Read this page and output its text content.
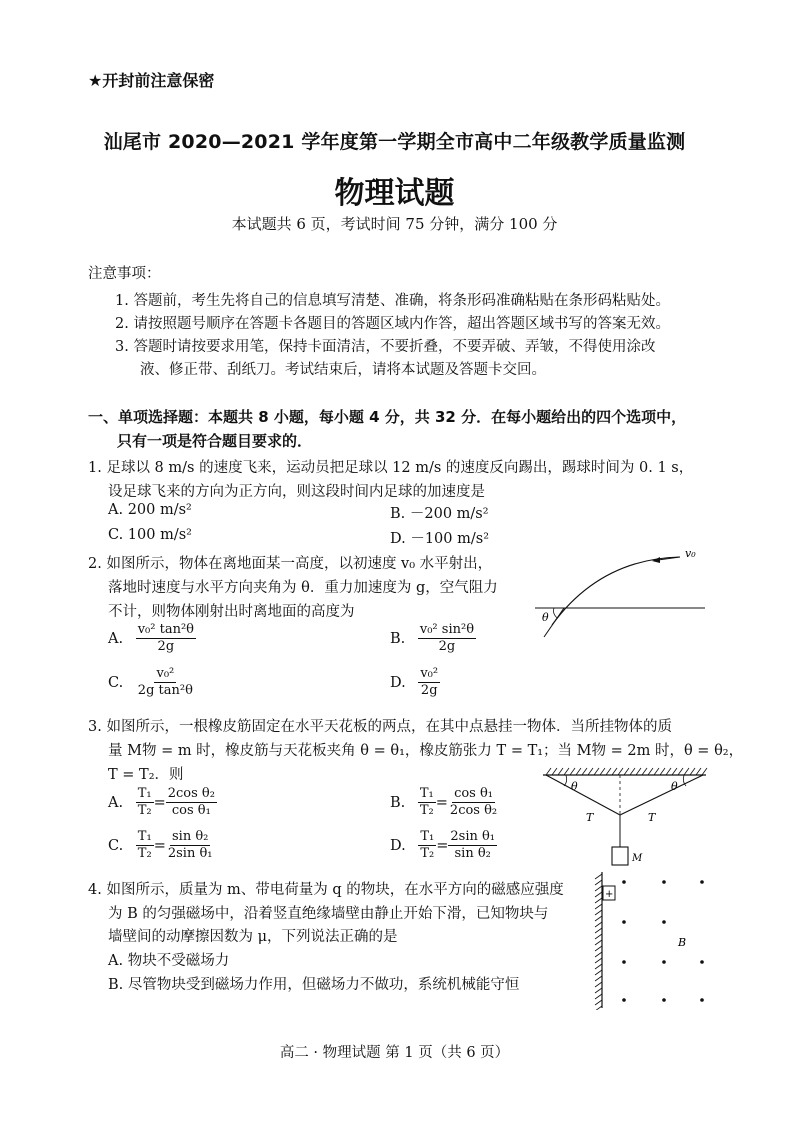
★开封前注意保密
汕尾市 2020—2021 学年度第一学期全市高中二年级教学质量监测
物理试题
本试题共 6 页，考试时间 75 分钟，满分 100 分
注意事项：
1. 答题前，考生先将自己的信息填写清楚、准确，将条形码准确粘贴在条形码粘贴处。
2. 请按照题号顺序在答题卡各题目的答题区域内作答，超出答题区域书写的答案无效。
3. 答题时请按要求用笔，保持卡面清洁，不要折叠，不要弄破、弄皱，不得使用涂改
液、修正带、刮纸刀。考试结束后，请将本试题及答题卡交回。
一、单项选择题：本题共 8 小题，每小题 4 分，共 32 分．在每小题给出的四个选项中，
只有一项是符合题目要求的．
1. 足球以 8 m/s 的速度飞来，运动员把足球以 12 m/s 的速度反向踢出，踢球时间为 0. 1 s，
设足球飞来的方向为正方向，则这段时间内足球的加速度是
A. 200 m/s²	B. －200 m/s²
C. 100 m/s²	D. －100 m/s²
2. 如图所示，物体在离地面某一高度，以初速度 v₀ 水平射出，
落地时速度与水平方向夹角为 θ．重力加速度为 g，空气阻力
不计，则物体刚射出时离地面的高度为
A. $\frac{\text{v₀² tan²θ}}{2g}$	B. $\frac{\text{v₀² sin²θ}}{2g}$
C. $\frac{\text{v₀²}}{\text{2g tan²θ}}$	D. $\frac{\text{v₀²}}{2g}$
v₀
θ
3. 如图所示，一根橡皮筋固定在水平天花板的两点，在其中点悬挂一物体．当所挂物体的质
量 M物 = m 时，橡皮筋与天花板夹角 θ = θ₁，橡皮筋张力 T = T₁；当 M物 = 2m 时，θ = θ₂，
T = T₂．则
A. $\frac{\text{T₁}}{\text{T₂}} = \frac{\text{2cos θ₂}}{\text{cos θ₁}}$	B. $\frac{\text{T₁}}{\text{T₂}} = \frac{\text{cos θ₁}}{\text{2cos θ₂}}$
C. $\frac{\text{T₁}}{\text{T₂}} = \frac{\text{sin θ₂}}{\text{2sin θ₁}}$	D. $\frac{\text{T₁}}{\text{T₂}} = \frac{\text{2sin θ₁}}{\text{sin θ₂}}$	M
θ	θ
T	T
4. 如图所示，质量为 m、带电荷量为 q 的物块，在水平方向的磁感应强度
为 B 的匀强磁场中，沿着竖直绝缘墙壁由静止开始下滑，已知物块与
墙壁间的动摩擦因数为 μ，下列说法正确的是
A. 物块不受磁场力
B. 尽管物块受到磁场力作用，但磁场力不做功，系统机械能守恒
+
B
高二 · 物理试题 第 1 页（共 6 页）
